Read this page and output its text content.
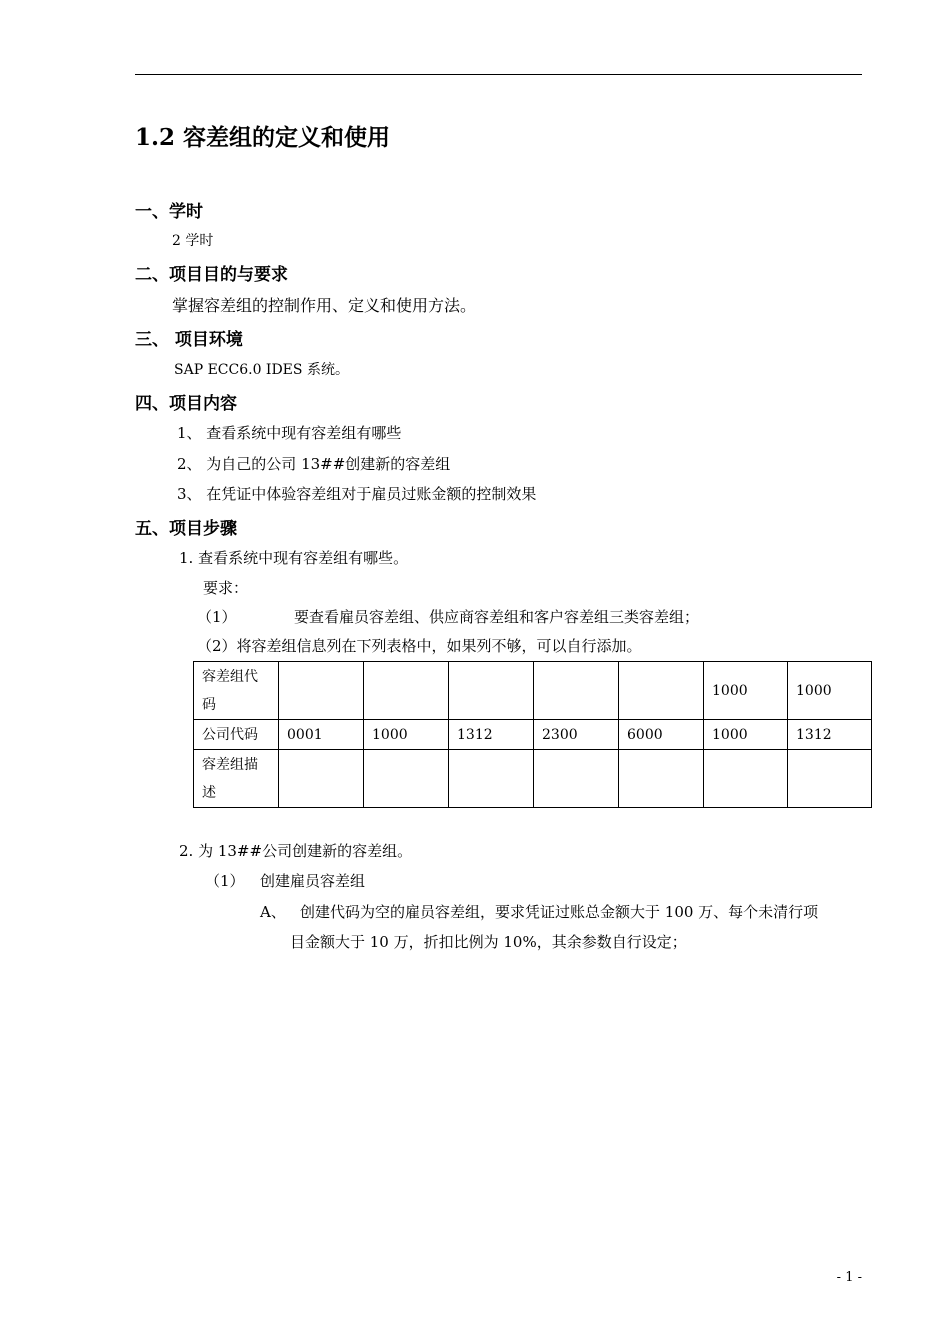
1.2 容差组的定义和使用
一、学时
2 学时
二、项目目的与要求
掌握容差组的控制作用、定义和使用方法。
三、 项目环境
SAP ECC6.0 IDES 系统。
四、项目内容
1、 查看系统中现有容差组有哪些
2、 为自己的公司 13##创建新的容差组
3、 在凭证中体验容差组对于雇员过账金额的控制效果
五、项目步骤
1. 查看系统中现有容差组有哪些。
要求：
（1）	要查看雇员容差组、供应商容差组和客户容差组三类容差组；
（2）将容差组信息列在下列表格中，如果列不够，可以自行添加。
容差组代
码						1000	1000
公司代码	0001	1000	1312	2300	6000	1000	1312
容差组描
述							
2. 为 13##公司创建新的容差组。
（1） 创建雇员容差组
A、 创建代码为空的雇员容差组，要求凭证过账总金额大于 100 万、每个未清行项
目金额大于 10 万，折扣比例为 10%，其余参数自行设定；
- 1 -
